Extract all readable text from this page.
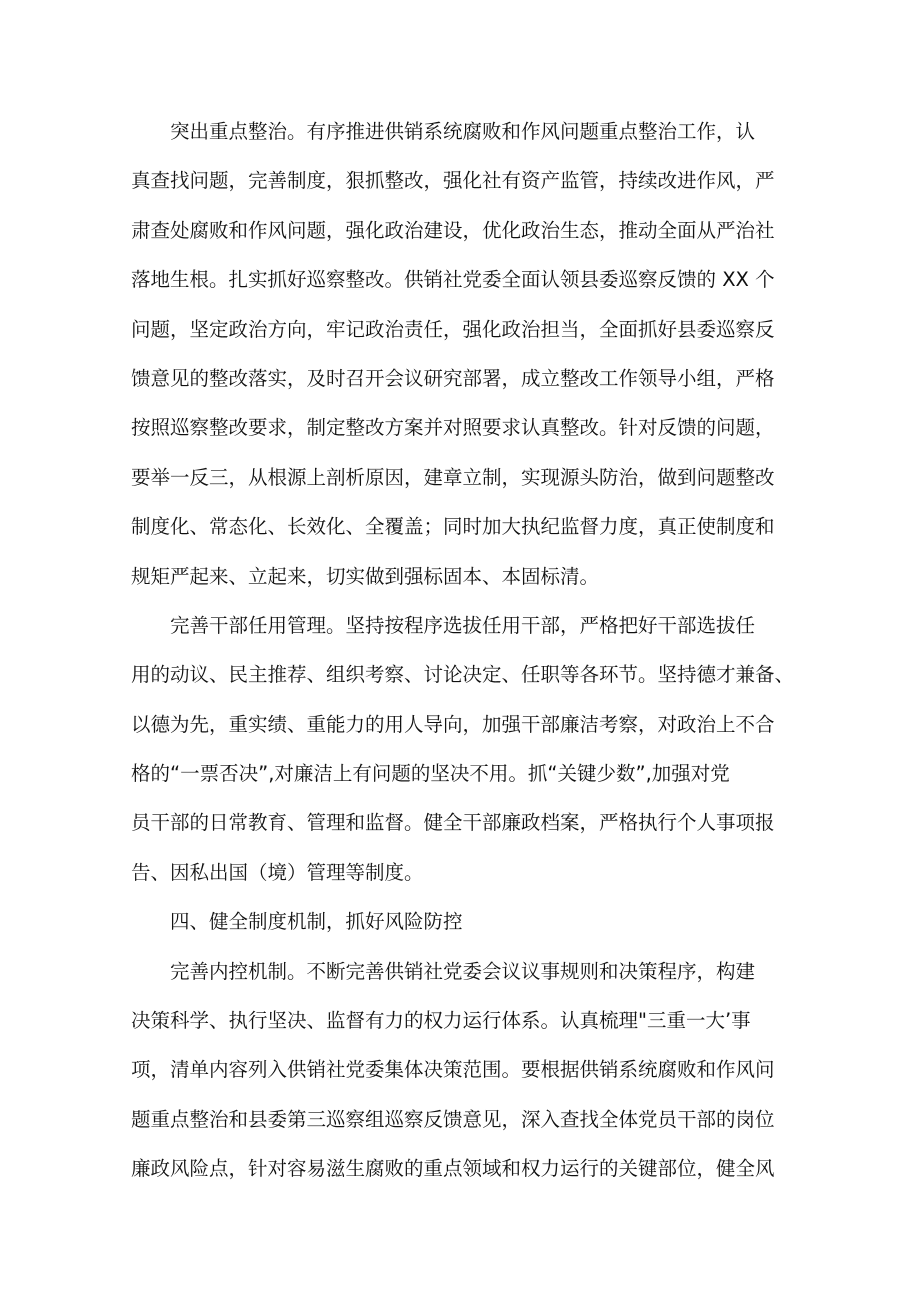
　　突出重点整治。有序推进供销系统腐败和作风问题重点整治工作，认
真查找问题，完善制度，狠抓整改，强化社有资产监管，持续改进作风，严
肃查处腐败和作风问题，强化政治建设，优化政治生态，推动全面从严治社
落地生根。扎实抓好巡察整改。供销社党委全面认领县委巡察反馈的 XX 个
问题，坚定政治方向，牢记政治责任，强化政治担当，全面抓好县委巡察反
馈意见的整改落实，及时召开会议研究部署，成立整改工作领导小组，严格
按照巡察整改要求，制定整改方案并对照要求认真整改。针对反馈的问题，
要举一反三，从根源上剖析原因，建章立制，实现源头防治，做到问题整改
制度化、常态化、长效化、全覆盖；同时加大执纪监督力度，真正使制度和
规矩严起来、立起来，切实做到强标固本、本固标清。
　　完善干部任用管理。坚持按程序选拔任用干部，严格把好干部选拔任
用的动议、民主推荐、组织考察、讨论决定、任职等各环节。坚持德才兼备、
以德为先，重实绩、重能力的用人导向，加强干部廉洁考察，对政治上不合
格的“一票否决”,对廉洁上有问题的坚决不用。抓“关键少数”,加强对党
员干部的日常教育、管理和监督。健全干部廉政档案，严格执行个人事项报
告、因私出国（境）管理等制度。
　　四、健全制度机制，抓好风险防控
　　完善内控机制。不断完善供销社党委会议议事规则和决策程序，构建
决策科学、执行坚决、监督有力的权力运行体系。认真梳理"三重一大’事
项，清单内容列入供销社党委集体决策范围。要根据供销系统腐败和作风问
题重点整治和县委第三巡察组巡察反馈意见，深入查找全体党员干部的岗位
廉政风险点，针对容易滋生腐败的重点领域和权力运行的关键部位，健全风
